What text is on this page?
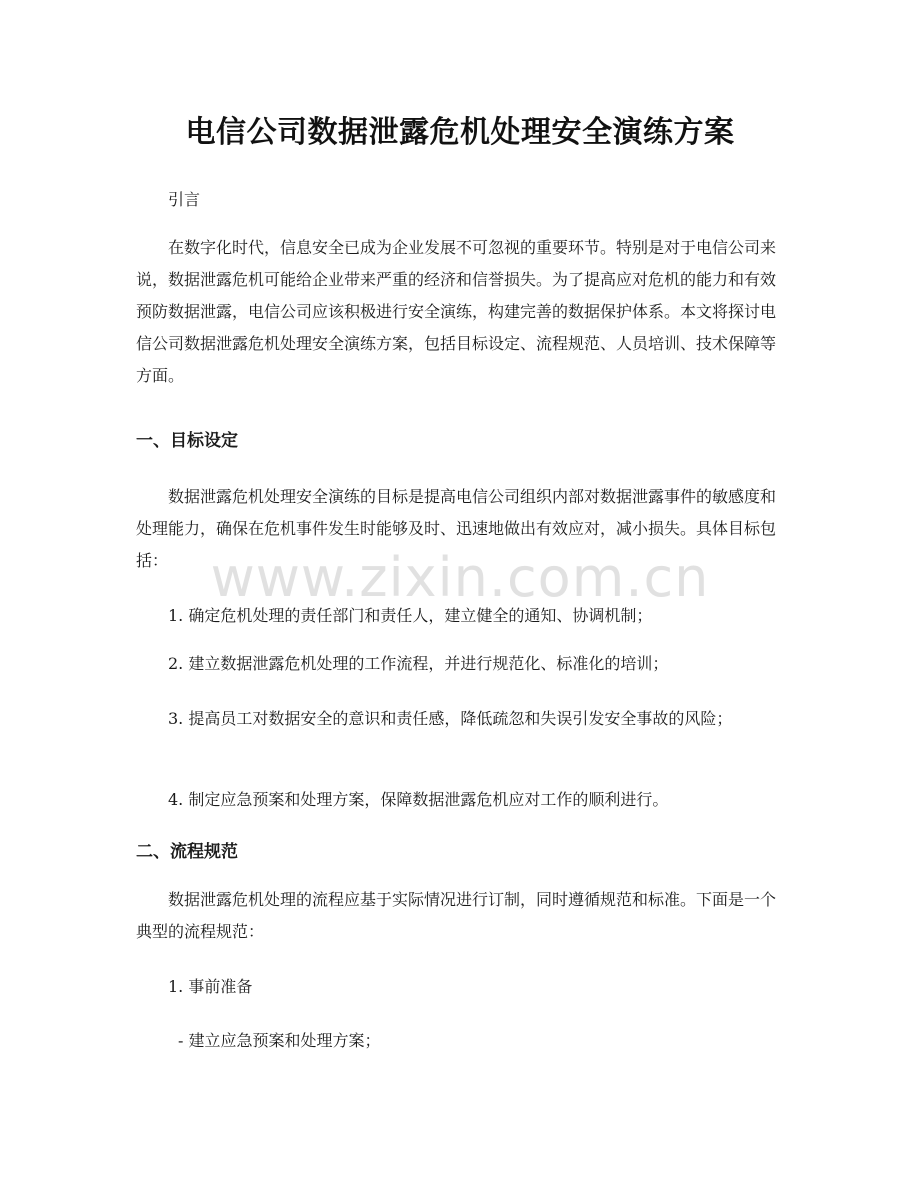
电信公司数据泄露危机处理安全演练方案
www.zixin.com.cn
引言
在数字化时代，信息安全已成为企业发展不可忽视的重要环节。特别是对于电信公司来说，数据泄露危机可能给企业带来严重的经济和信誉损失。为了提高应对危机的能力和有效预防数据泄露，电信公司应该积极进行安全演练，构建完善的数据保护体系。本文将探讨电信公司数据泄露危机处理安全演练方案，包括目标设定、流程规范、人员培训、技术保障等方面。
一、目标设定
数据泄露危机处理安全演练的目标是提高电信公司组织内部对数据泄露事件的敏感度和处理能力，确保在危机事件发生时能够及时、迅速地做出有效应对，减小损失。具体目标包括：
1. 确定危机处理的责任部门和责任人，建立健全的通知、协调机制；
2. 建立数据泄露危机处理的工作流程，并进行规范化、标准化的培训；
3. 提高员工对数据安全的意识和责任感，降低疏忽和失误引发安全事故的风险；
4. 制定应急预案和处理方案，保障数据泄露危机应对工作的顺利进行。
二、流程规范
数据泄露危机处理的流程应基于实际情况进行订制，同时遵循规范和标准。下面是一个典型的流程规范：
1. 事前准备
- 建立应急预案和处理方案；
